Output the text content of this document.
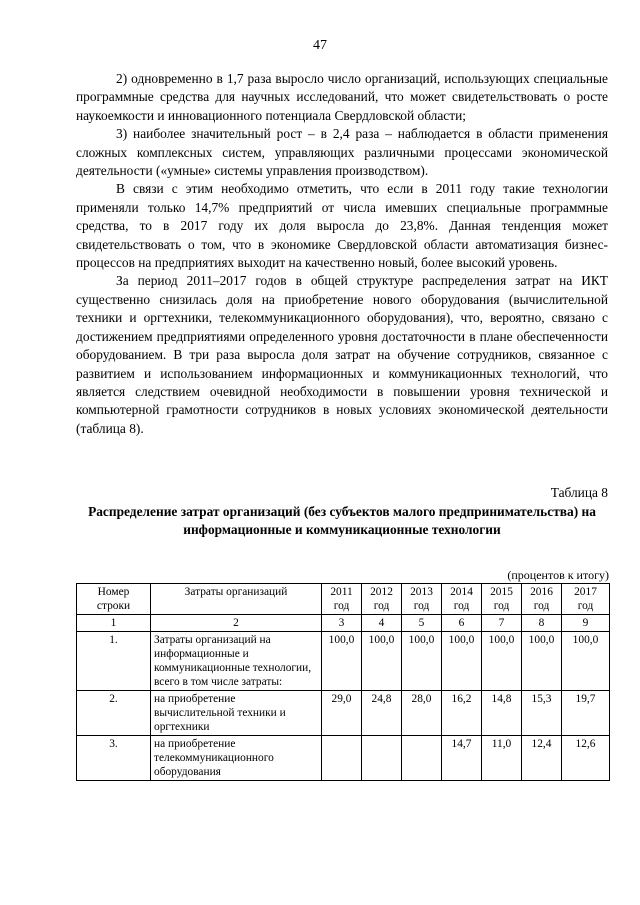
47

2) одновременно в 1,7 раза выросло число организаций, использующих специальные программные средства для научных исследований, что может свидетельствовать о росте наукоемкости и инновационного потенциала Свердловской области;

3) наиболее значительный рост – в 2,4 раза – наблюдается в области применения сложных комплексных систем, управляющих различными процессами экономической деятельности («умные» системы управления производством).

В связи с этим необходимо отметить, что если в 2011 году такие технологии применяли только 14,7% предприятий от числа имевших специальные программные средства, то в 2017 году их доля выросла до 23,8%. Данная тенденция может свидетельствовать о том, что в экономике Свердловской области автоматизация бизнес-процессов на предприятиях выходит на качественно новый, более высокий уровень.

За период 2011–2017 годов в общей структуре распределения затрат на ИКТ существенно снизилась доля на приобретение нового оборудования (вычислительной техники и оргтехники, телекоммуникационного оборудования), что, вероятно, связано с достижением предприятиями определенного уровня достаточности в плане обеспеченности оборудованием. В три раза выросла доля затрат на обучение сотрудников, связанное с развитием и использованием информационных и коммуникационных технологий, что является следствием очевидной необходимости в повышении уровня технической и компьютерной грамотности сотрудников в новых условиях экономической деятельности (таблица 8).

Таблица 8
Распределение затрат организаций (без субъектов малого предпринимательства) на информационные и коммуникационные технологии
(процентов к итогу)
Номер строки	Затраты организаций	2011 год	2012 год	2013 год	2014 год	2015 год	2016 год	2017 год
1	2	3	4	5	6	7	8	9
1.	Затраты организаций на информационные и коммуникационные технологии, всего в том числе затраты:	100,0	100,0	100,0	100,0	100,0	100,0	100,0
2.	на приобретение вычислительной техники и оргтехники	29,0	24,8	28,0	16,2	14,8	15,3	19,7
3.	на приобретение телекоммуникационного оборудования				14,7	11,0	12,4	12,6
